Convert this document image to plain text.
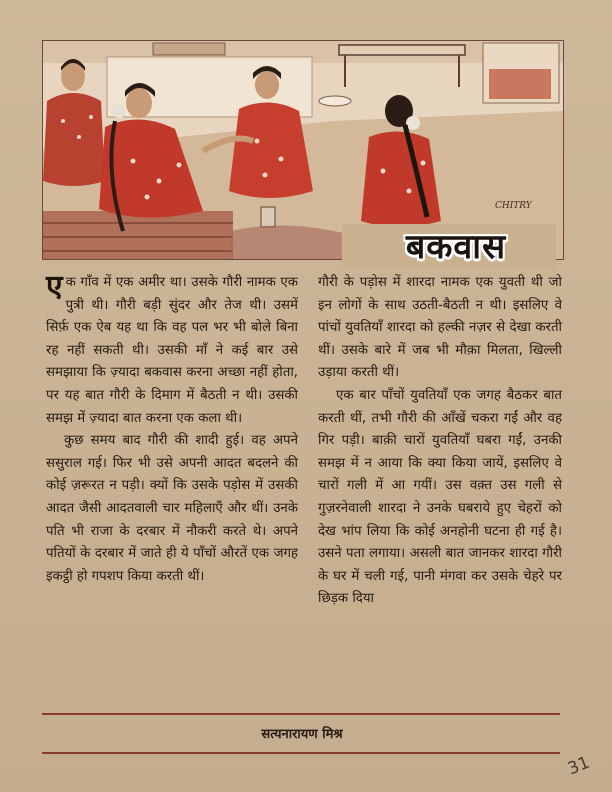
CHITRY
बकवास

एक गाँव में एक अमीर था। उसके गौरी नामक एक पुत्री थी। गौरी बड़ी सुंदर और तेज थी। उसमें सिर्फ़ एक ऐब यह था कि वह पल भर भी बोले बिना रह नहीं सकती थी। उसकी माँ ने कई बार उसे समझाया कि ज़्यादा बकवास करना अच्छा नहीं होता, पर यह बात गौरी के दिमाग में बैठती न थी। उसकी समझ में ज़्यादा बात करना एक कला थी।

कुछ समय बाद गौरी की शादी हुई। वह अपने ससुराल गई। फिर भी उसे अपनी आदत बदलने की कोई ज़रूरत न पड़ी। क्यों कि उसके पड़ोस में उसकी आदत जैसी आदतवाली चार महिलाएँ और थीं। उनके पति भी राजा के दरबार में नौकरी करते थे। अपने पतियों के दरबार में जाते ही ये पाँचों औरतें एक जगह इकट्ठी हो गपशप किया करती थीं।

गौरी के पड़ोस में शारदा नामक एक युवती थी जो इन लोगों के साथ उठती-बैठती न थी। इसलिए वे पांचों युवतियाँ शारदा को हल्की नज़र से देखा करती थीं। उसके बारे में जब भी मौक़ा मिलता, खिल्ली उड़ाया करती थीं।

एक बार पाँचों युवतियाँ एक जगह बैठकर बात करती थीं, तभी गौरी की आँखें चकरा गईं और वह गिर पड़ी। बाक़ी चारों युवतियाँ घबरा गईं, उनकी समझ में न आया कि क्या किया जायें, इसलिए वे चारों गली में आ गयीं। उस वक़्त उस गली से गुज़रनेवाली शारदा ने उनके घबराये हुए चेहरों को देख भांप लिया कि कोई अनहोनी घटना ही गई है। उसने पता लगाया। असली बात जानकर शारदा गौरी के घर में चली गई, पानी मंगवा कर उसके चेहरे पर छिड़क दिया

सत्यनारायण मिश्र
31
